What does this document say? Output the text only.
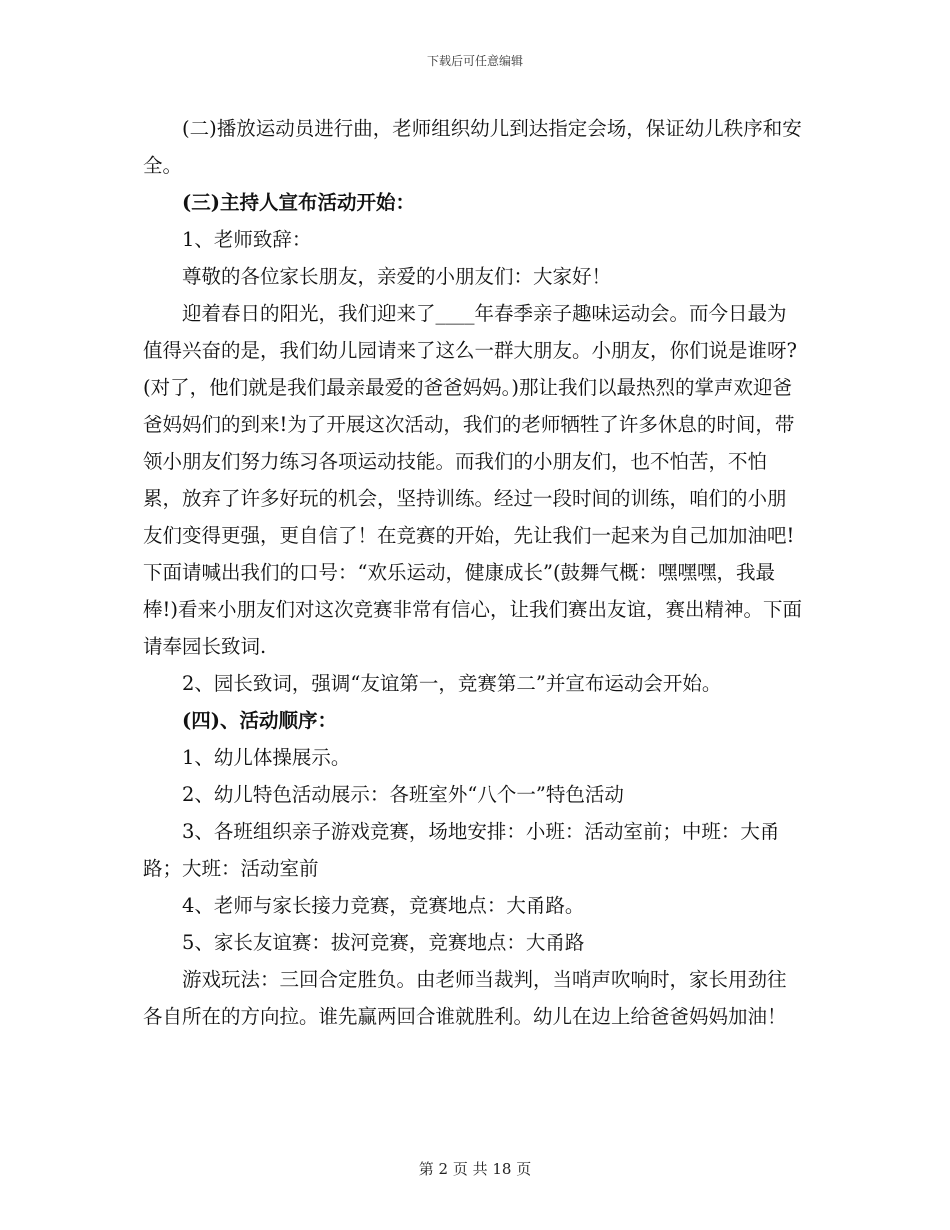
下载后可任意编辑

(二)播放运动员进行曲，老师组织幼儿到达指定会场，保证幼儿秩序和安全。

(三)主持人宣布活动开始：

1、老师致辞：

尊敬的各位家长朋友，亲爱的小朋友们：大家好！

迎着春日的阳光，我们迎来了____年春季亲子趣味运动会。而今日最为值得兴奋的是，我们幼儿园请来了这么一群大朋友。小朋友，你们说是谁呀?(对了，他们就是我们最亲最爱的爸爸妈妈。)那让我们以最热烈的掌声欢迎爸爸妈妈们的到来!为了开展这次活动，我们的老师牺牲了许多休息的时间，带领小朋友们努力练习各项运动技能。而我们的小朋友们，也不怕苦，不怕累，放弃了许多好玩的机会，坚持训练。经过一段时间的训练，咱们的小朋友们变得更强，更自信了！在竞赛的开始，先让我们一起来为自己加加油吧!下面请喊出我们的口号：“欢乐运动，健康成长”(鼓舞气概：嘿嘿嘿，我最棒!)看来小朋友们对这次竞赛非常有信心，让我们赛出友谊，赛出精神。下面请奉园长致词.

2、园长致词，强调“友谊第一，竞赛第二”并宣布运动会开始。

(四)、活动顺序：

1、幼儿体操展示。

2、幼儿特色活动展示：各班室外“八个一”特色活动

3、各班组织亲子游戏竞赛，场地安排：小班：活动室前；中班：大甬路；大班：活动室前

4、老师与家长接力竞赛，竞赛地点：大甬路。

5、家长友谊赛：拔河竞赛，竞赛地点：大甬路

游戏玩法：三回合定胜负。由老师当裁判，当哨声吹响时，家长用劲往各自所在的方向拉。谁先赢两回合谁就胜利。幼儿在边上给爸爸妈妈加油！

第 2 页 共 18 页
